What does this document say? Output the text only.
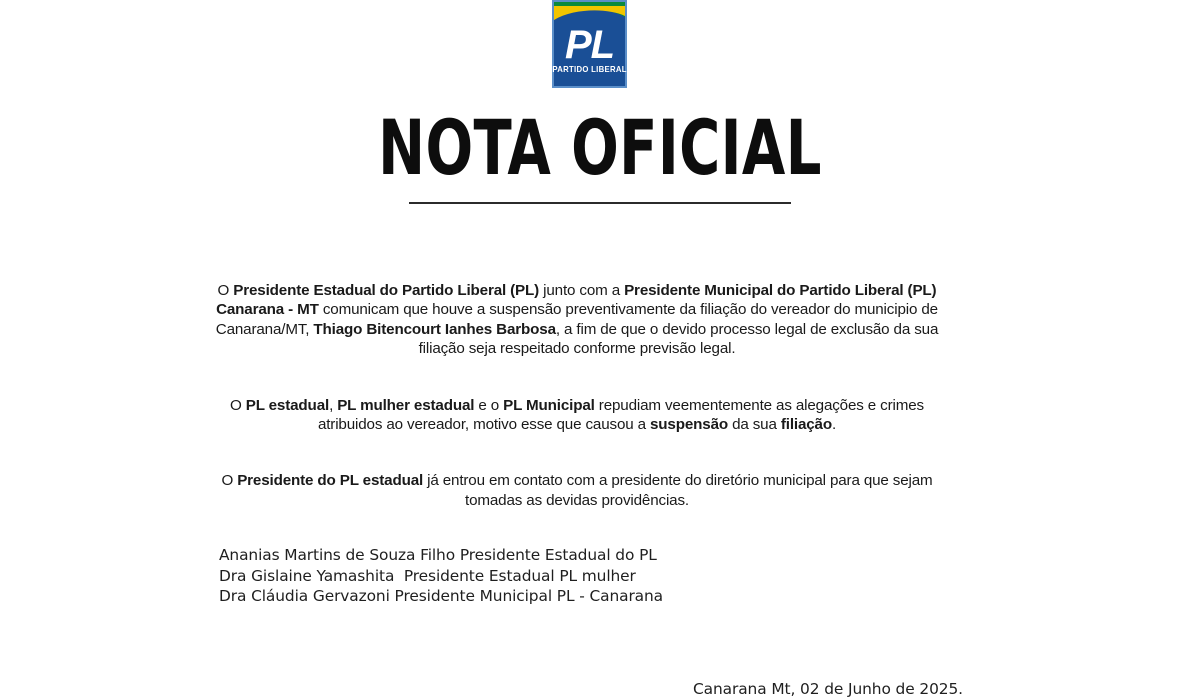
PL
PARTIDO LIBERAL
NOTA OFICIAL

O Presidente Estadual do Partido Liberal (PL) junto com a Presidente Municipal do Partido Liberal (PL) Canarana - MT comunicam que houve a suspensão preventivamente da filiação do vereador do municipio de Canarana/MT, Thiago Bitencourt Ianhes Barbosa, a fim de que o devido processo legal de exclusão da sua filiação seja respeitado conforme previsão legal.

O PL estadual, PL mulher estadual e o PL Municipal repudiam veementemente as alegações e crimes atribuidos ao vereador, motivo esse que causou a suspensão da sua filiação.

O Presidente do PL estadual já entrou em contato com a presidente do diretório municipal para que sejam tomadas as devidas providências.

Ananias Martins de Souza Filho Presidente Estadual do PL
Dra Gislaine Yamashita  Presidente Estadual PL mulher
Dra Cláudia Gervazoni Presidente Municipal PL - Canarana
Canarana Mt, 02 de Junho de 2025.
